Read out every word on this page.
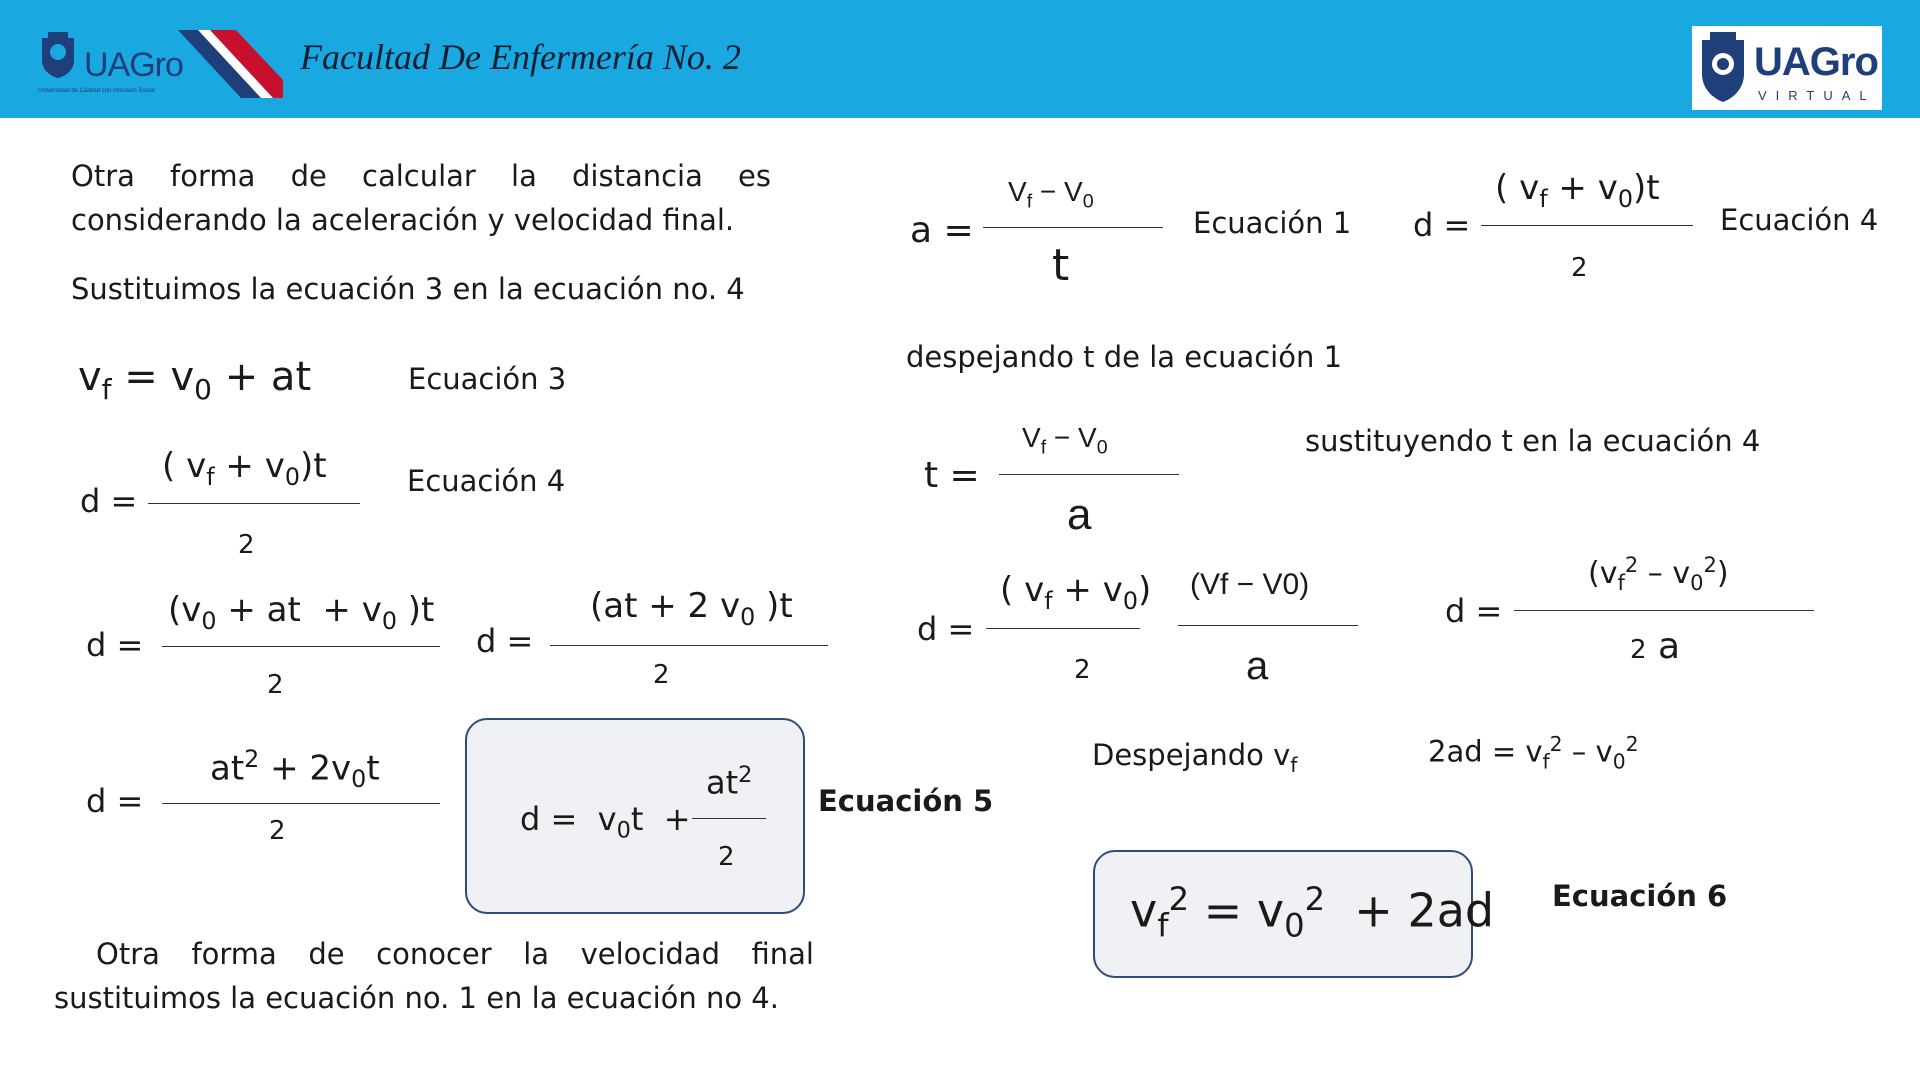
UAGro
Universidad de Calidad con Inclusión Social
Facultad De Enfermería No. 2	UAGro
VIRTUAL
Otra forma de calcular la distancia es
considerando la aceleración y velocidad final.
Sustituimos la ecuación 3 en la ecuación no. 4
$v_f = v_0$ + at	Ecuación 3
d =
( $v_f + v_0)t$
2
Ecuación 4
d =
($v_0$ + at  + $v_0$ )t
2
d =
(at + 2 $v_0$ )t
2
d =
$at^2 + 2v_0t$
2	$d = v_0t$  +
$at^2$
2
Ecuación 5
Otra forma de conocer la velocidad final
sustituimos la ecuación no. 1 en la ecuación no 4.
a =
$V_f - V_0$
t
Ecuación 1 d =
( $v_f + v_0)t$
2
Ecuación 4
despejando t de la ecuación 1
t =
$V_f - V_0$
a
sustituyendo t en la ecuación 4
d =
( $v_f + v_0$)
2
(Vf − V0)
a
d =
$(v_f^2 - v_0^2)$
2 a
Despejando $v_f$	$2ad = v_f^2 - v_0^2$
$v_f^2 = v_0^2 + 2ad$ Ecuación 6
